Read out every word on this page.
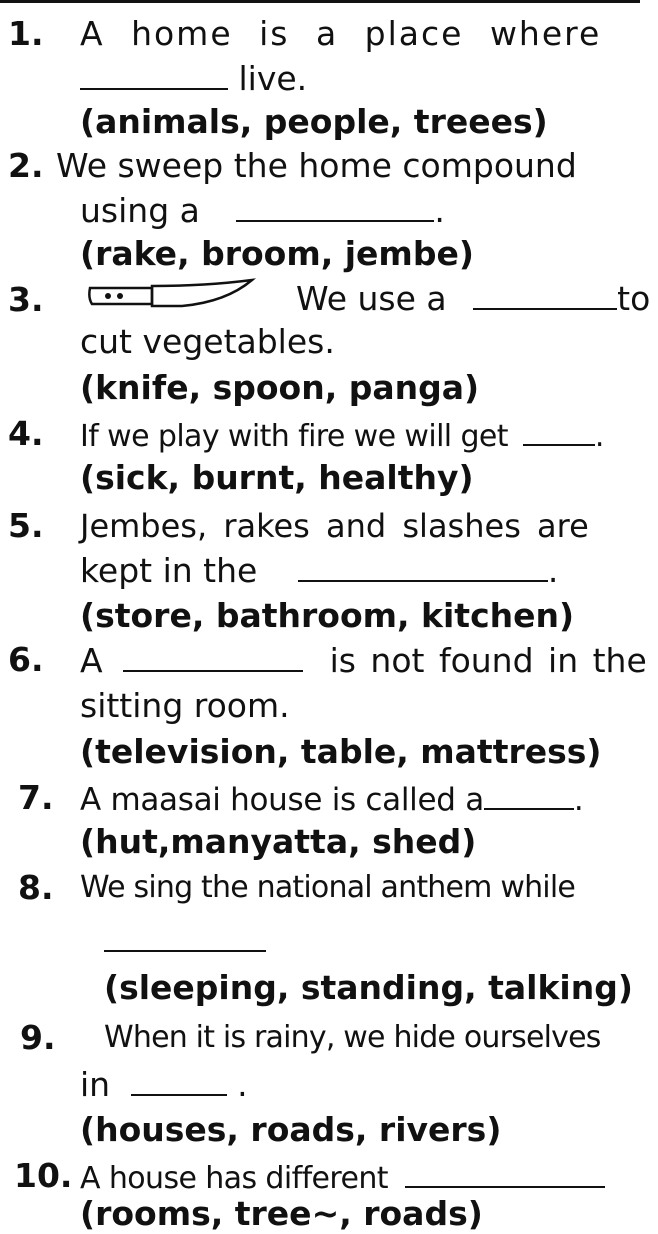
1. A home is a place where
live.
(animals, people, treees)
2. We sweep the home compound
using a	.
(rake, broom, jembe)
3.	We use a	to
cut vegetables.
(knife, spoon, panga)
4. If we play with fire we will get	.
(sick, burnt, healthy)
5. Jembes, rakes and slashes are
kept in the	.
(store, bathroom, kitchen)
6. A	is not found in the
sitting room.
(television, table, mattress)
7. A maasai house is called a	.
(hut,manyatta, shed)
8. We sing the national anthem while
(sleeping, standing, talking)
9. When it is rainy, we hide ourselves
in	.
(houses, roads, rivers)
10. A house has different
(rooms, tree~, roads)
